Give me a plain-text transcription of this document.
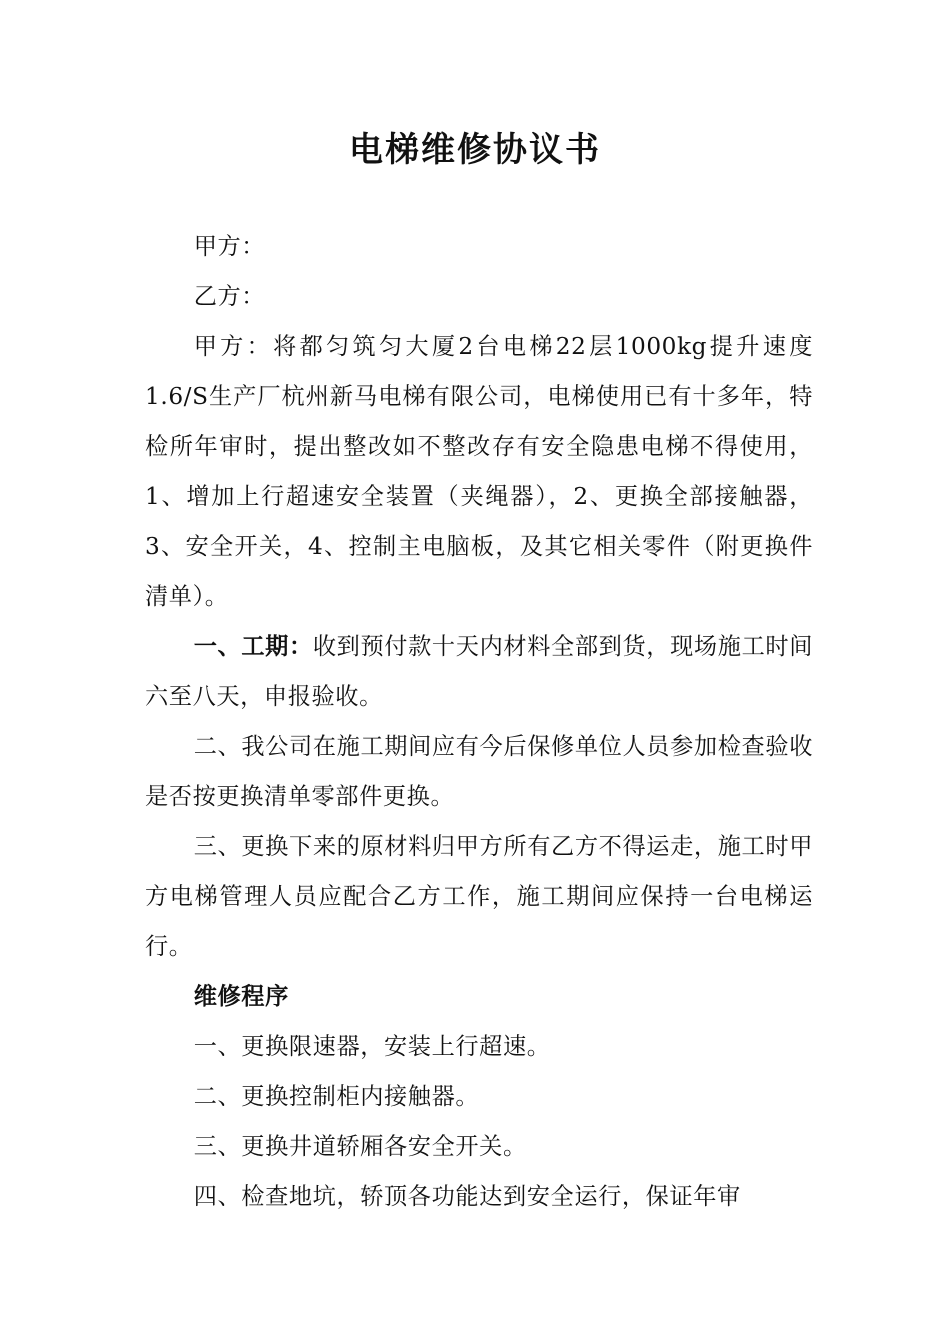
电梯维修协议书

甲方：

乙方：

甲方：将都匀筑匀大厦2台电梯22层1000kg提升速度1.6/S生产厂杭州新马电梯有限公司，电梯使用已有十多年，特检所年审时，提出整改如不整改存有安全隐患电梯不得使用，1、增加上行超速安全装置（夹绳器），2、更换全部接触器，3、安全开关，4、控制主电脑板，及其它相关零件（附更换件清单）。

一、工期：收到预付款十天内材料全部到货，现场施工时间六至八天，申报验收。

二、我公司在施工期间应有今后保修单位人员参加检查验收是否按更换清单零部件更换。

三、更换下来的原材料归甲方所有乙方不得运走，施工时甲方电梯管理人员应配合乙方工作，施工期间应保持一台电梯运行。

维修程序

一、更换限速器，安装上行超速。

二、更换控制柜内接触器。

三、更换井道轿厢各安全开关。

四、检查地坑，轿顶各功能达到安全运行，保证年审
